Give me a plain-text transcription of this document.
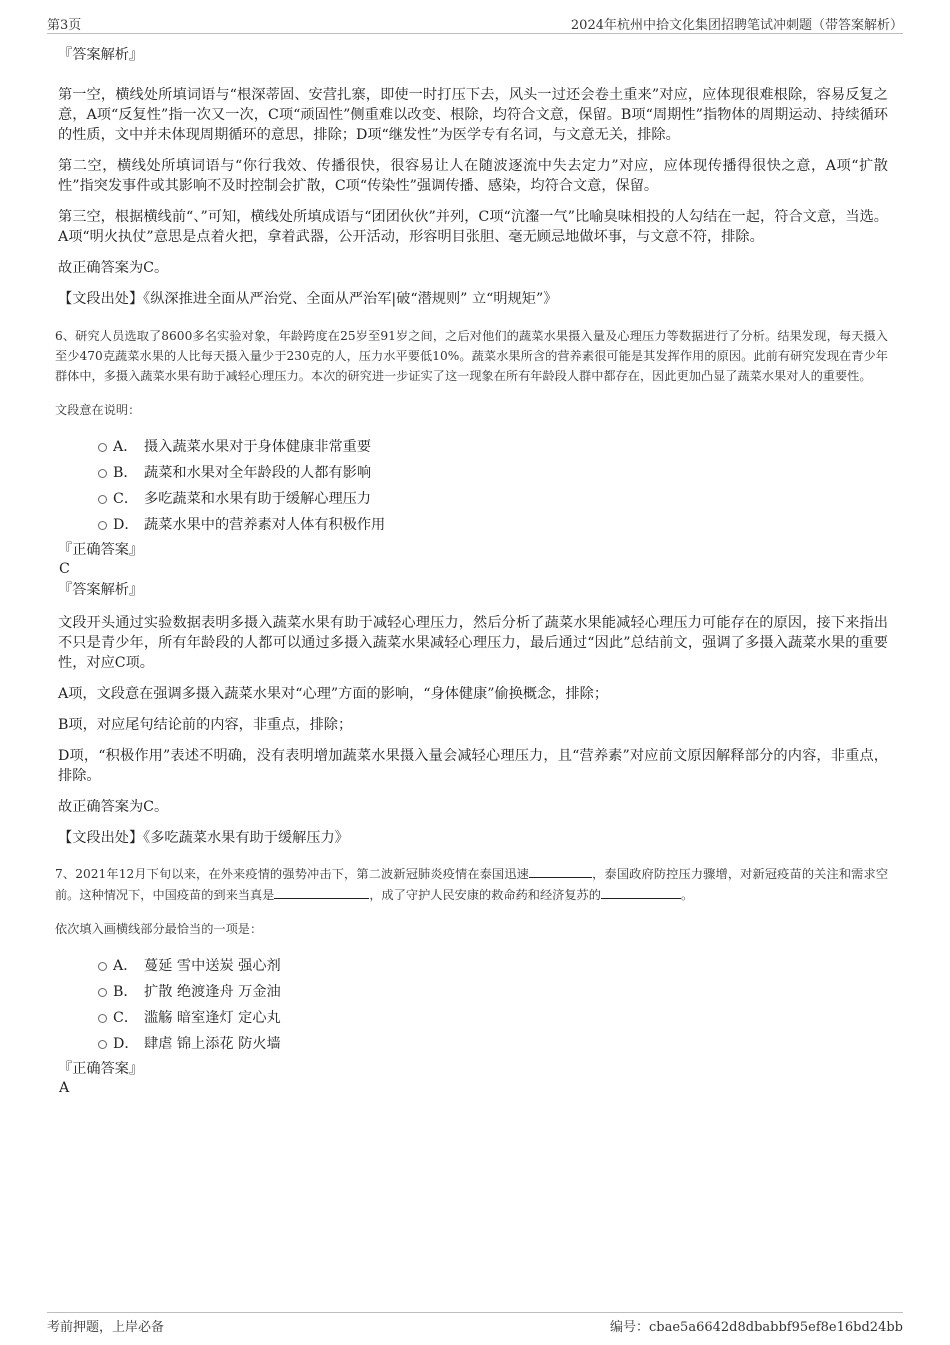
第3页	2024年杭州中拾文化集团招聘笔试冲刺题（带答案解析）

『答案解析』

第一空，横线处所填词语与“根深蒂固、安营扎寨，即使一时打压下去，风头一过还会卷土重来”对应，应体现很难根除，容易反复之意，A项“反复性”指一次又一次，C项“顽固性”侧重难以改变、根除，均符合文意，保留。B项“周期性”指物体的周期运动、持续循环的性质，文中并未体现周期循环的意思，排除；D项“继发性”为医学专有名词，与文意无关，排除。

第二空，横线处所填词语与“你行我效、传播很快，很容易让人在随波逐流中失去定力”对应，应体现传播得很快之意，A项“扩散性”指突发事件或其影响不及时控制会扩散，C项“传染性”强调传播、感染，均符合文意，保留。

第三空，根据横线前“、”可知，横线处所填成语与“团团伙伙”并列，C项“沆瀣一气”比喻臭味相投的人勾结在一起，符合文意，当选。A项“明火执仗”意思是点着火把，拿着武器，公开活动，形容明目张胆、毫无顾忌地做坏事，与文意不符，排除。

故正确答案为C。

【文段出处】《纵深推进全面从严治党、全面从严治军|破“潜规则” 立“明规矩”》

6、研究人员选取了8600多名实验对象，年龄跨度在25岁至91岁之间，之后对他们的蔬菜水果摄入量及心理压力等数据进行了分析。结果发现，每天摄入至少470克蔬菜水果的人比每天摄入量少于230克的人，压力水平要低10%。蔬菜水果所含的营养素很可能是其发挥作用的原因。此前有研究发现在青少年群体中，多摄入蔬菜水果有助于减轻心理压力。本次的研究进一步证实了这一现象在所有年龄段人群中都存在，因此更加凸显了蔬菜水果对人的重要性。

文段意在说明：

A． 摄入蔬菜水果对于身体健康非常重要
B． 蔬菜和水果对全年龄段的人都有影响
C． 多吃蔬菜和水果有助于缓解心理压力
D． 蔬菜水果中的营养素对人体有积极作用

『正确答案』

C

『答案解析』

文段开头通过实验数据表明多摄入蔬菜水果有助于减轻心理压力，然后分析了蔬菜水果能减轻心理压力可能存在的原因，接下来指出不只是青少年，所有年龄段的人都可以通过多摄入蔬菜水果减轻心理压力，最后通过“因此”总结前文，强调了多摄入蔬菜水果的重要性，对应C项。

A项，文段意在强调多摄入蔬菜水果对“心理”方面的影响，“身体健康”偷换概念，排除；

B项，对应尾句结论前的内容，非重点，排除；

D项，“积极作用”表述不明确，没有表明增加蔬菜水果摄入量会减轻心理压力，且“营养素”对应前文原因解释部分的内容，非重点，排除。

故正确答案为C。

【文段出处】《多吃蔬菜水果有助于缓解压力》

7、2021年12月下旬以来，在外来疫情的强势冲击下，第二波新冠肺炎疫情在泰国迅速	，泰国政府防控压力骤增，对新冠疫苗的关注和需求空前。这种情况下，中国疫苗的到来当真是	，成了守护人民安康的救命药和经济复苏的	。

依次填入画横线部分最恰当的一项是：

A． 蔓延 雪中送炭 强心剂
B． 扩散 绝渡逢舟 万金油
C． 滥觞 暗室逢灯 定心丸
D． 肆虐 锦上添花 防火墙

『正确答案』

A

考前押题，上岸必备	编号：cbae5a6642d8dbabbf95ef8e16bd24bb
